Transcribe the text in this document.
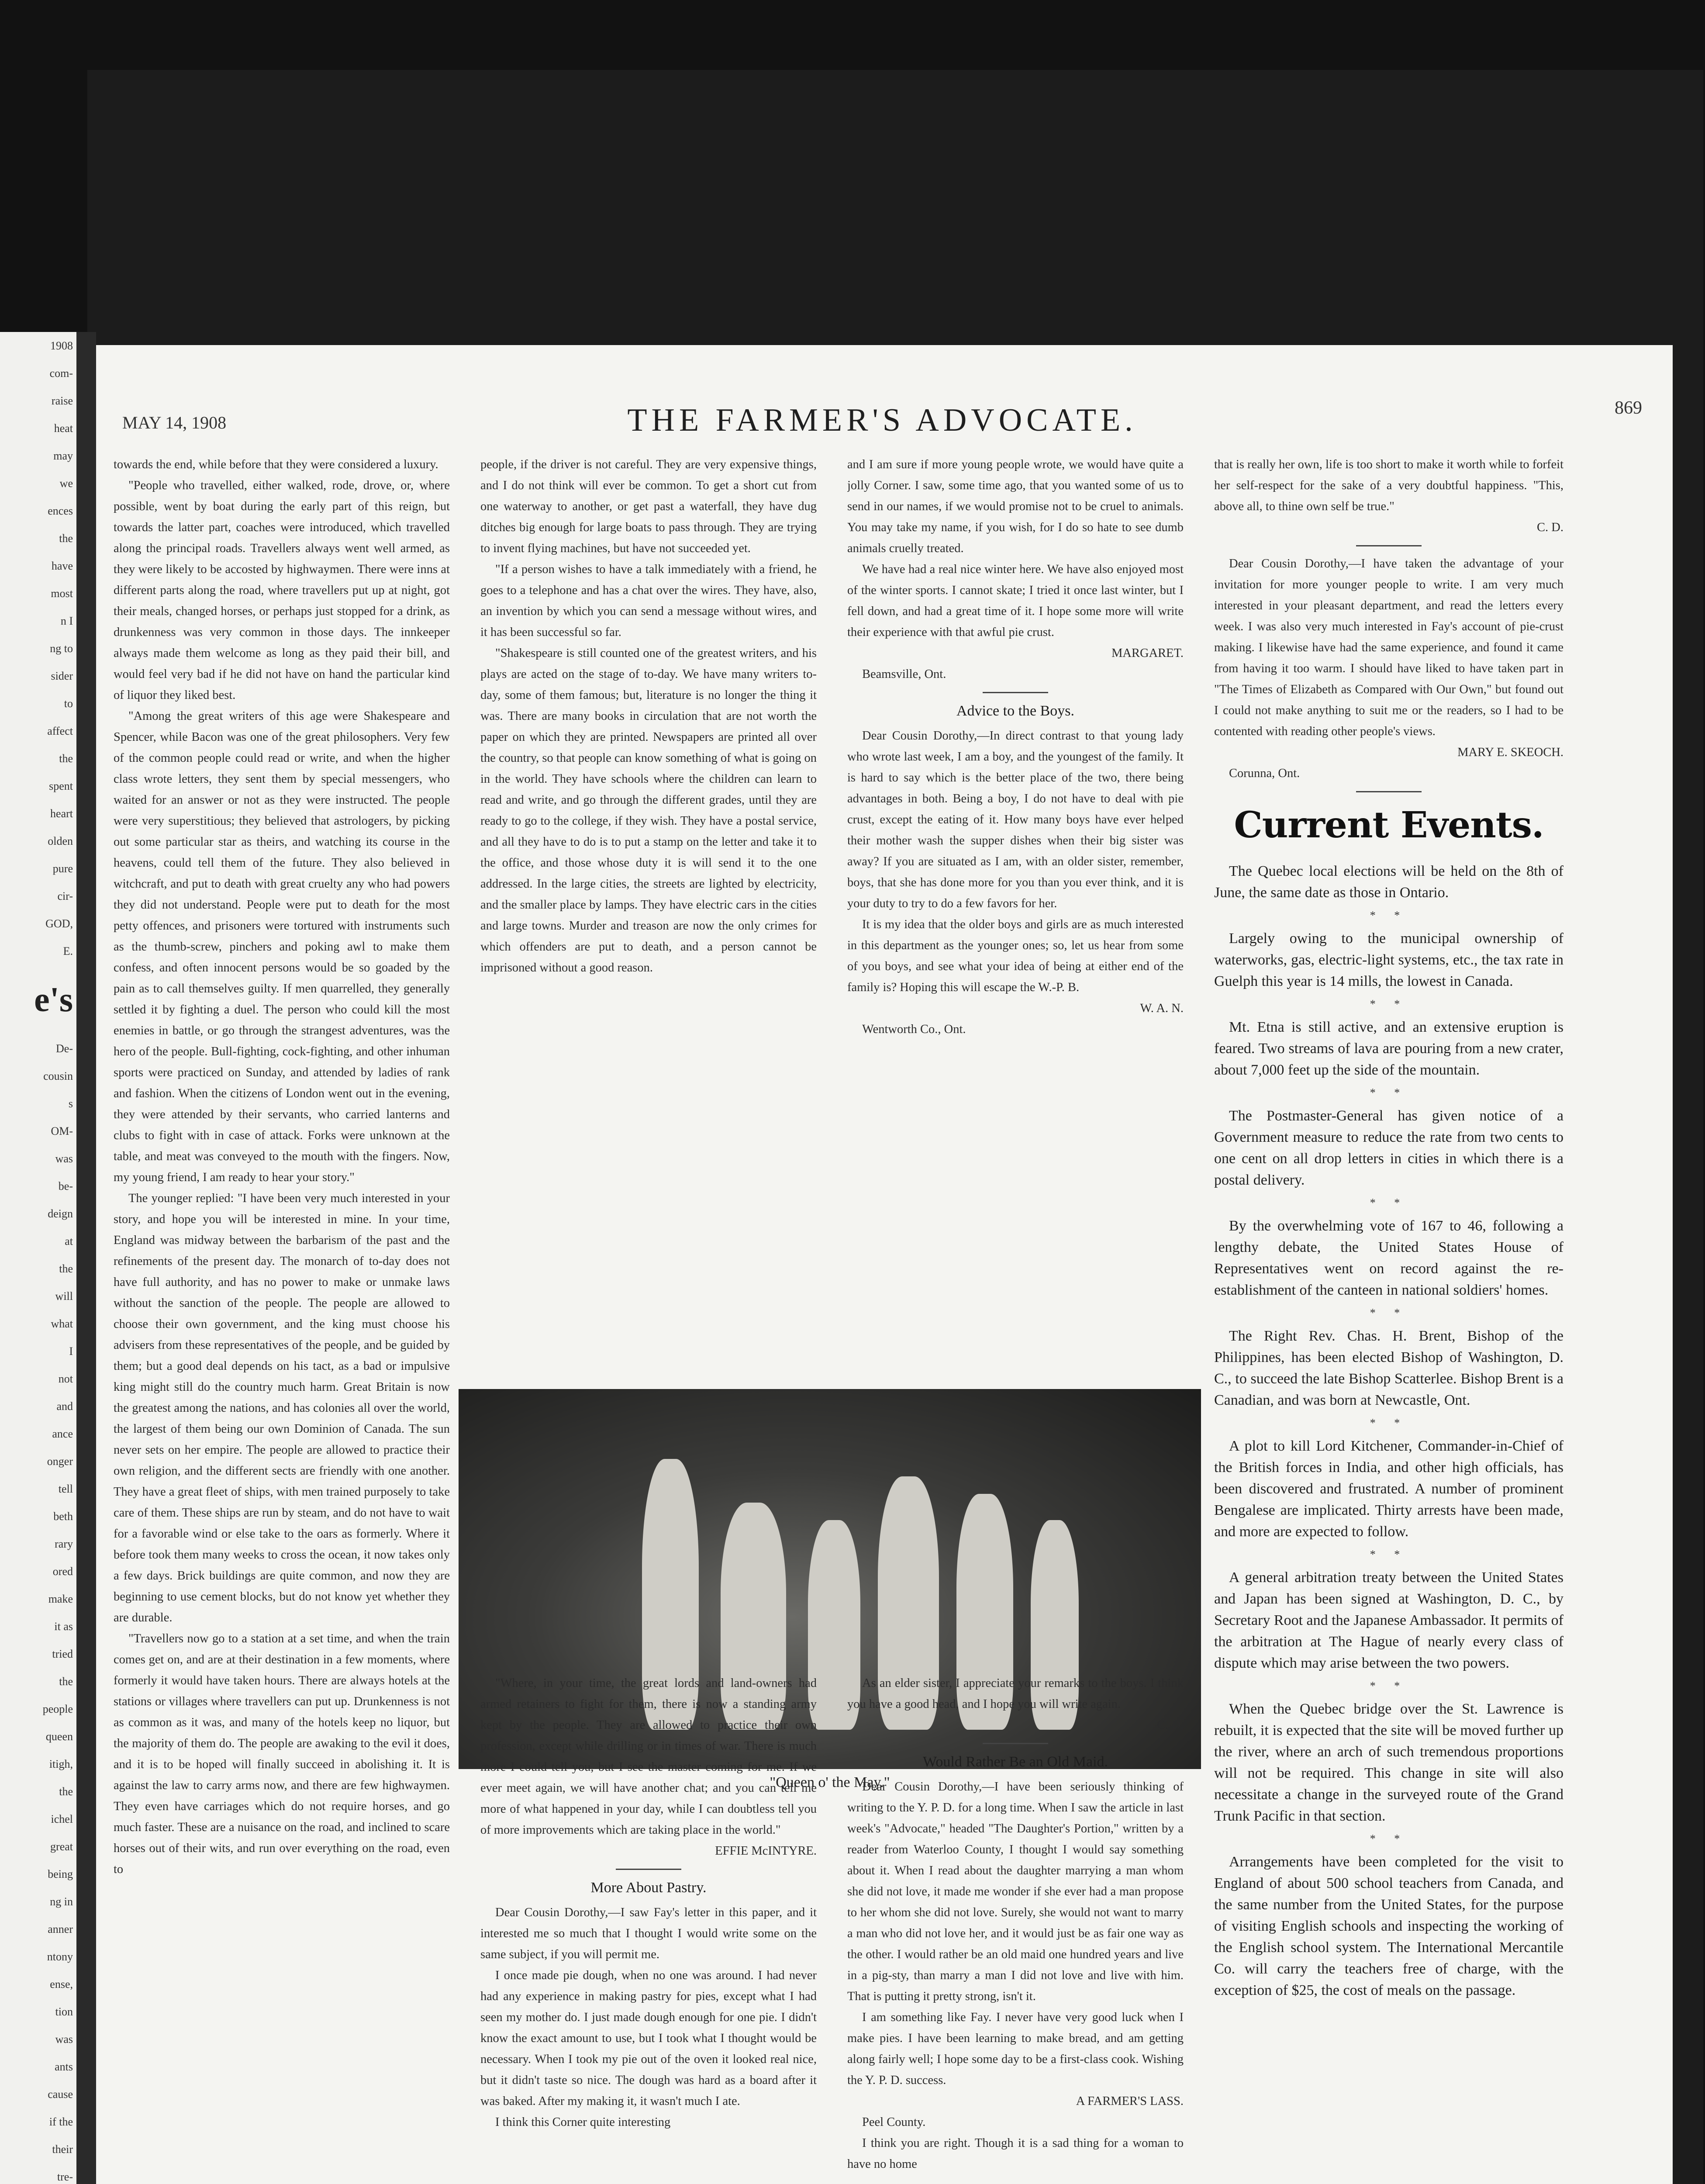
1908

com-

raise

heat

may

we

ences

the

have

most

n I

ng to

sider

to

affect

the

spent

heart

olden

pure

cir-

GOD,

E.

e's

De-

cousin

s

OM-

was

be-

deign

at

the

will

what

I

not

and

ance

onger

tell

beth

rary

ored

make

it as

tried

the

people

queen

itigh,

the

ichel

great

being

ng in

anner

ntony

ense,

tion

was

ants

cause

if the

their

tre-

MAY 14, 1908	THE FARMER'S ADVOCATE.	869

towards the end, while before that they were considered a luxury.

"People who travelled, either walked, rode, drove, or, where possible, went by boat during the early part of this reign, but towards the latter part, coaches were introduced, which travelled along the principal roads. Travellers always went well armed, as they were likely to be accosted by highwaymen. There were inns at different parts along the road, where travellers put up at night, got their meals, changed horses, or perhaps just stopped for a drink, as drunkenness was very common in those days. The innkeeper always made them welcome as long as they paid their bill, and would feel very bad if he did not have on hand the particular kind of liquor they liked best.

"Among the great writers of this age were Shakespeare and Spencer, while Bacon was one of the great philosophers. Very few of the common people could read or write, and when the higher class wrote letters, they sent them by special messengers, who waited for an answer or not as they were instructed. The people were very superstitious; they believed that astrologers, by picking out some particular star as theirs, and watching its course in the heavens, could tell them of the future. They also believed in witchcraft, and put to death with great cruelty any who had powers they did not understand. People were put to death for the most petty offences, and prisoners were tortured with instruments such as the thumb-screw, pinchers and poking awl to make them confess, and often innocent persons would be so goaded by the pain as to call themselves guilty. If men quarrelled, they generally settled it by fighting a duel. The person who could kill the most enemies in battle, or go through the strangest adventures, was the hero of the people. Bull-fighting, cock-fighting, and other inhuman sports were practiced on Sunday, and attended by ladies of rank and fashion. When the citizens of London went out in the evening, they were attended by their servants, who carried lanterns and clubs to fight with in case of attack. Forks were unknown at the table, and meat was conveyed to the mouth with the fingers. Now, my young friend, I am ready to hear your story."

The younger replied: "I have been very much interested in your story, and hope you will be interested in mine. In your time, England was midway between the barbarism of the past and the refinements of the present day. The monarch of to-day does not have full authority, and has no power to make or unmake laws without the sanction of the people. The people are allowed to choose their own government, and the king must choose his advisers from these representatives of the people, and be guided by them; but a good deal depends on his tact, as a bad or impulsive king might still do the country much harm. Great Britain is now the greatest among the nations, and has colonies all over the world, the largest of them being our own Dominion of Canada. The sun never sets on her empire. The people are allowed to practice their own religion, and the different sects are friendly with one another. They have a great fleet of ships, with men trained purposely to take care of them. These ships are run by steam, and do not have to wait for a favorable wind or else take to the oars as formerly. Where it before took them many weeks to cross the ocean, it now takes only a few days. Brick buildings are quite common, and now they are beginning to use cement blocks, but do not know yet whether they are durable.

"Travellers now go to a station at a set time, and when the train comes get on, and are at their destination in a few moments, where formerly it would have taken hours. There are always hotels at the stations or villages where travellers can put up. Drunkenness is not as common as it was, and many of the hotels keep no liquor, but the majority of them do. The people are awaking to the evil it does, and it is to be hoped will finally succeed in abolishing it. It is against the law to carry arms now, and there are few highwaymen. They even have carriages which do not require horses, and go much faster. These are a nuisance on the road, and inclined to scare horses out of their wits, and run over everything on the road, even to

people, if the driver is not careful. They are very expensive things, and I do not think will ever be common. To get a short cut from one waterway to another, or get past a waterfall, they have dug ditches big enough for large boats to pass through. They are trying to invent flying machines, but have not succeeded yet.

"If a person wishes to have a talk immediately with a friend, he goes to a telephone and has a chat over the wires. They have, also, an invention by which you can send a message without wires, and it has been successful so far.

"Shakespeare is still counted one of the greatest writers, and his plays are acted on the stage of to-day. We have many writers to-day, some of them famous; but, literature is no longer the thing it was. There are many books in circulation that are not worth the paper on which they are printed. Newspapers are printed all over the country, so that people can know something of what is going on in the world. They have schools where the children can learn to read and write, and go through the different grades, until they are ready to go to the college, if they wish. They have a postal service, and all they have to do is to put a stamp on the letter and take it to the office, and those whose duty it is will send it to the one addressed. In the large cities, the streets are lighted by electricity, and the smaller place by lamps. They have electric cars in the cities and large towns. Murder and treason are now the only crimes for which offenders are put to death, and a person cannot be imprisoned without a good reason.

and I am sure if more young people wrote, we would have quite a jolly Corner. I saw, some time ago, that you wanted some of us to send in our names, if we would promise not to be cruel to animals. You may take my name, if you wish, for I do so hate to see dumb animals cruelly treated.

We have had a real nice winter here. We have also enjoyed most of the winter sports. I cannot skate; I tried it once last winter, but I fell down, and had a great time of it. I hope some more will write their experience with that awful pie crust.

MARGARET.

Beamsville, Ont.

Advice to the Boys.

Dear Cousin Dorothy,—In direct contrast to that young lady who wrote last week, I am a boy, and the youngest of the family. It is hard to say which is the better place of the two, there being advantages in both. Being a boy, I do not have to deal with pie crust, except the eating of it. How many boys have ever helped their mother wash the supper dishes when their big sister was away? If you are situated as I am, with an older sister, remember, boys, that she has done more for you than you ever think, and it is your duty to try to do a few favors for her.

It is my idea that the older boys and girls are as much interested in this department as the younger ones; so, let us hear from some of you boys, and see what your idea of being at either end of the family is? Hoping this will escape the W.-P. B.

W. A. N.

Wentworth Co., Ont.

"Queen o' the May."

"Where, in your time, the great lords and land-owners had armed retainers to fight for them, there is now a standing army kept by the people. They are allowed to practice their own profession, except while drilling or in times of war. There is much more I could tell you, but I see the master coming for me. If we ever meet again, we will have another chat; and you can tell me more of what happened in your day, while I can doubtless tell you of more improvements which are taking place in the world."

EFFIE McINTYRE.

More About Pastry.

Dear Cousin Dorothy,—I saw Fay's letter in this paper, and it interested me so much that I thought I would write some on the same subject, if you will permit me.

I once made pie dough, when no one was around. I had never had any experience in making pastry for pies, except what I had seen my mother do. I just made dough enough for one pie. I didn't know the exact amount to use, but I took what I thought would be necessary. When I took my pie out of the oven it looked real nice, but it didn't taste so nice. The dough was hard as a board after it was baked. After my making it, it wasn't much I ate.

I think this Corner quite interesting

As an elder sister, I appreciate your remarks to the boys. I think you have a good head, and I hope you will write again.

C. D.

Would Rather Be an Old Maid.

Dear Cousin Dorothy,—I have been seriously thinking of writing to the Y. P. D. for a long time. When I saw the article in last week's "Advocate," headed "The Daughter's Portion," written by a reader from Waterloo County, I thought I would say something about it. When I read about the daughter marrying a man whom she did not love, it made me wonder if she ever had a man propose to her whom she did not love. Surely, she would not want to marry a man who did not love her, and it would just be as fair one way as the other. I would rather be an old maid one hundred years and live in a pig-sty, than marry a man I did not love and live with him. That is putting it pretty strong, isn't it.

I am something like Fay. I never have very good luck when I make pies. I have been learning to make bread, and am getting along fairly well; I hope some day to be a first-class cook. Wishing the Y. P. D. success.

A FARMER'S LASS.

Peel County.

I think you are right. Though it is a sad thing for a woman to have no home

that is really her own, life is too short to make it worth while to forfeit her self-respect for the sake of a very doubtful happiness. "This, above all, to thine own self be true."

C. D.

Dear Cousin Dorothy,—I have taken the advantage of your invitation for more younger people to write. I am very much interested in your pleasant department, and read the letters every week. I was also very much interested in Fay's account of pie-crust making. I likewise have had the same experience, and found it came from having it too warm. I should have liked to have taken part in "The Times of Elizabeth as Compared with Our Own," but found out I could not make anything to suit me or the readers, so I had to be contented with reading other people's views.

MARY E. SKEOCH.

Corunna, Ont.

Current Events.

The Quebec local elections will be held on the 8th of June, the same date as those in Ontario.

* *

Largely owing to the municipal ownership of waterworks, gas, electric-light systems, etc., the tax rate in Guelph this year is 14 mills, the lowest in Canada.

* *

Mt. Etna is still active, and an extensive eruption is feared. Two streams of lava are pouring from a new crater, about 7,000 feet up the side of the mountain.

* *

The Postmaster-General has given notice of a Government measure to reduce the rate from two cents to one cent on all drop letters in cities in which there is a postal delivery.

* *

By the overwhelming vote of 167 to 46, following a lengthy debate, the United States House of Representatives went on record against the re-establishment of the canteen in national soldiers' homes.

* *

The Right Rev. Chas. H. Brent, Bishop of the Philippines, has been elected Bishop of Washington, D. C., to succeed the late Bishop Scatterlee. Bishop Brent is a Canadian, and was born at Newcastle, Ont.

* *

A plot to kill Lord Kitchener, Commander-in-Chief of the British forces in India, and other high officials, has been discovered and frustrated. A number of prominent Bengalese are implicated. Thirty arrests have been made, and more are expected to follow.

* *

A general arbitration treaty between the United States and Japan has been signed at Washington, D. C., by Secretary Root and the Japanese Ambassador. It permits of the arbitration at The Hague of nearly every class of dispute which may arise between the two powers.

* *

When the Quebec bridge over the St. Lawrence is rebuilt, it is expected that the site will be moved further up the river, where an arch of such tremendous proportions will not be required. This change in site will also necessitate a change in the surveyed route of the Grand Trunk Pacific in that section.

* *

Arrangements have been completed for the visit to England of about 500 school teachers from Canada, and the same number from the United States, for the purpose of visiting English schools and inspecting the working of the English school system. The International Mercantile Co. will carry the teachers free of charge, with the exception of $25, the cost of meals on the passage.
